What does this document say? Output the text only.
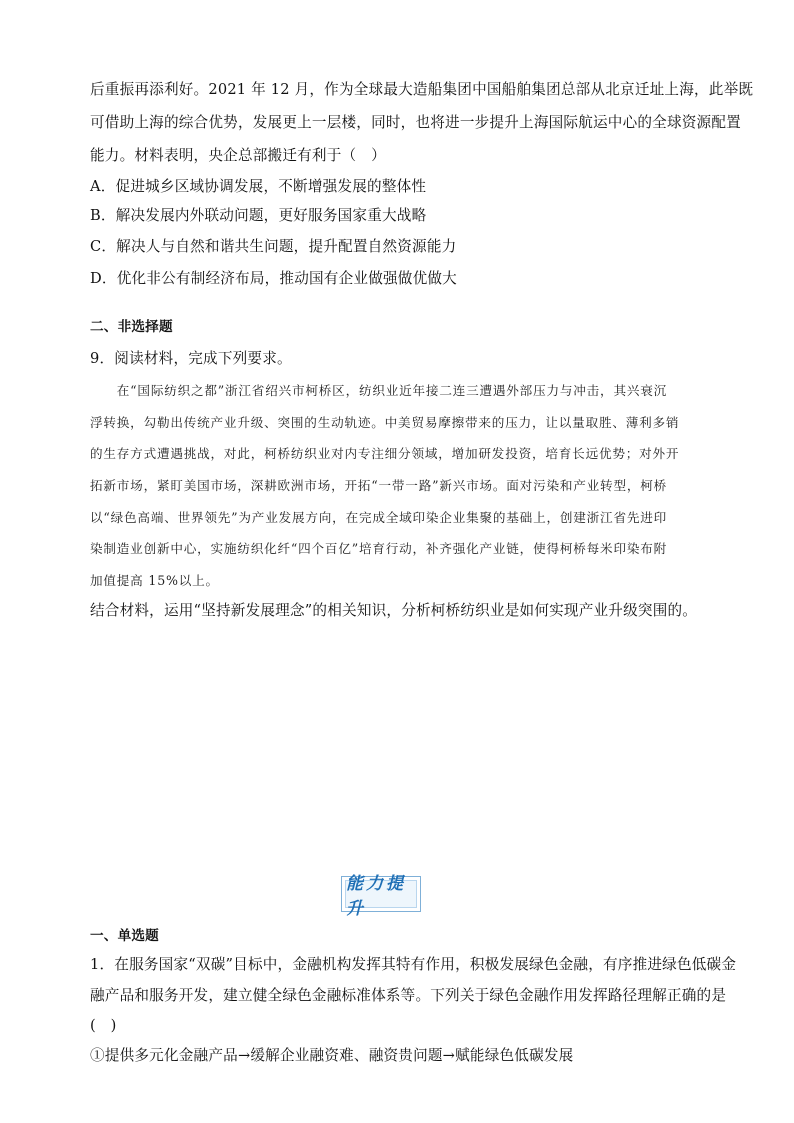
后重振再添利好。2021 年 12 月，作为全球最大造船集团中国船舶集团总部从北京迁址上海，此举既
可借助上海的综合优势，发展更上一层楼，同时，也将进一步提升上海国际航运中心的全球资源配置
能力。材料表明，央企总部搬迁有利于（　）
A．促进城乡区域协调发展，不断增强发展的整体性
B．解决发展内外联动问题，更好服务国家重大战略
C．解决人与自然和谐共生问题，提升配置自然资源能力
D．优化非公有制经济布局，推动国有企业做强做优做大
二、非选择题
9．阅读材料，完成下列要求。
　　在“国际纺织之都”浙江省绍兴市柯桥区，纺织业近年接二连三遭遇外部压力与冲击，其兴衰沉
浮转换，勾勒出传统产业升级、突围的生动轨迹。中美贸易摩擦带来的压力，让以量取胜、薄利多销
的生存方式遭遇挑战，对此，柯桥纺织业对内专注细分领域，增加研发投资，培育长远优势；对外开
拓新市场，紧盯美国市场，深耕欧洲市场，开拓“一带一路”新兴市场。面对污染和产业转型，柯桥
以“绿色高端、世界领先”为产业发展方向，在完成全域印染企业集聚的基础上，创建浙江省先进印
染制造业创新中心，实施纺织化纤“四个百亿”培育行动，补齐强化产业链，使得柯桥每米印染布附
加值提高 15%以上。
结合材料，运用“坚持新发展理念”的相关知识，分析柯桥纺织业是如何实现产业升级突围的。
能力提升
一、单选题
1．在服务国家“双碳”目标中，金融机构发挥其特有作用，积极发展绿色金融，有序推进绿色低碳金
融产品和服务开发，建立健全绿色金融标准体系等。下列关于绿色金融作用发挥路径理解正确的是
(　)
①提供多元化金融产品→缓解企业融资难、融资贵问题→赋能绿色低碳发展
